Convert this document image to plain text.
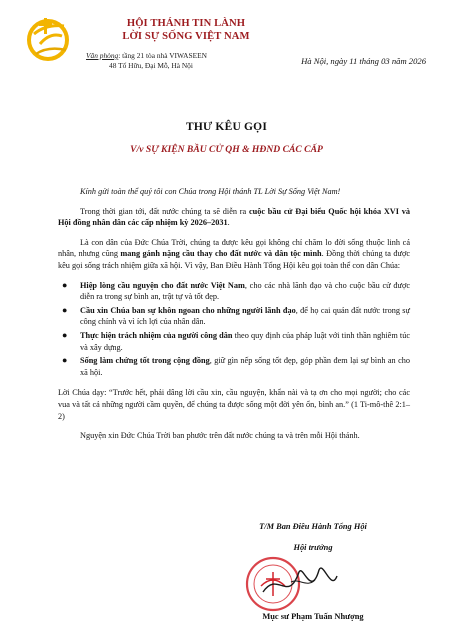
HỘI THÁNH TIN LÀNH
LỜI SỰ SỐNG VIỆT NAM
Văn phòng: tầng 21 tòa nhà VIWASEEN
48 Tố Hữu, Đại Mỗ, Hà Nội	Hà Nội, ngày 11 tháng 03 năm 2026
THƯ KÊU GỌI
V/v SỰ KIỆN BẦU CỬ QH & HĐND CÁC CẤP

Kính gửi toàn thể quý tôi con Chúa trong Hội thánh TL Lời Sự Sống Việt Nam!

Trong thời gian tới, đất nước chúng ta sẽ diễn ra cuộc bầu cử Đại biểu Quốc hội khóa XVI và Hội đồng nhân dân các cấp nhiệm kỳ 2026–2031.

Là con dân của Đức Chúa Trời, chúng ta được kêu gọi không chỉ chăm lo đời sống thuộc linh cá nhân, nhưng cũng mang gánh nặng cầu thay cho đất nước và dân tộc mình. Đồng thời chúng ta được kêu gọi sống trách nhiệm giữa xã hội. Vì vậy, Ban Điều Hành Tổng Hội kêu gọi toàn thể con dân Chúa:

● Hiệp lòng cầu nguyện cho đất nước Việt Nam, cho các nhà lãnh đạo và cho cuộc bầu cử được diễn ra trong sự bình an, trật tự và tốt đẹp.
● Cầu xin Chúa ban sự khôn ngoan cho những người lãnh đạo, để họ cai quản đất nước trong sự công chính và vì ích lợi của nhân dân.
● Thực hiện trách nhiệm của người công dân theo quy định của pháp luật với tinh thần nghiêm túc và xây dựng.
● Sống làm chứng tốt trong cộng đồng, giữ gìn nếp sống tốt đẹp, góp phần đem lại sự bình an cho xã hội.

Lời Chúa dạy: “Trước hết, phải dâng lời cầu xin, cầu nguyện, khẩn nài và tạ ơn cho mọi người; cho các vua và tất cả những người cầm quyền, để chúng ta được sống một đời yên ổn, bình an.” (1 Ti-mô-thê 2:1–2)

Nguyện xin Đức Chúa Trời ban phước trên đất nước chúng ta và trên mỗi Hội thánh.

T/M Ban Điều Hành Tổng Hội
Hội trưởng
Mục sư Phạm Tuấn Nhượng
